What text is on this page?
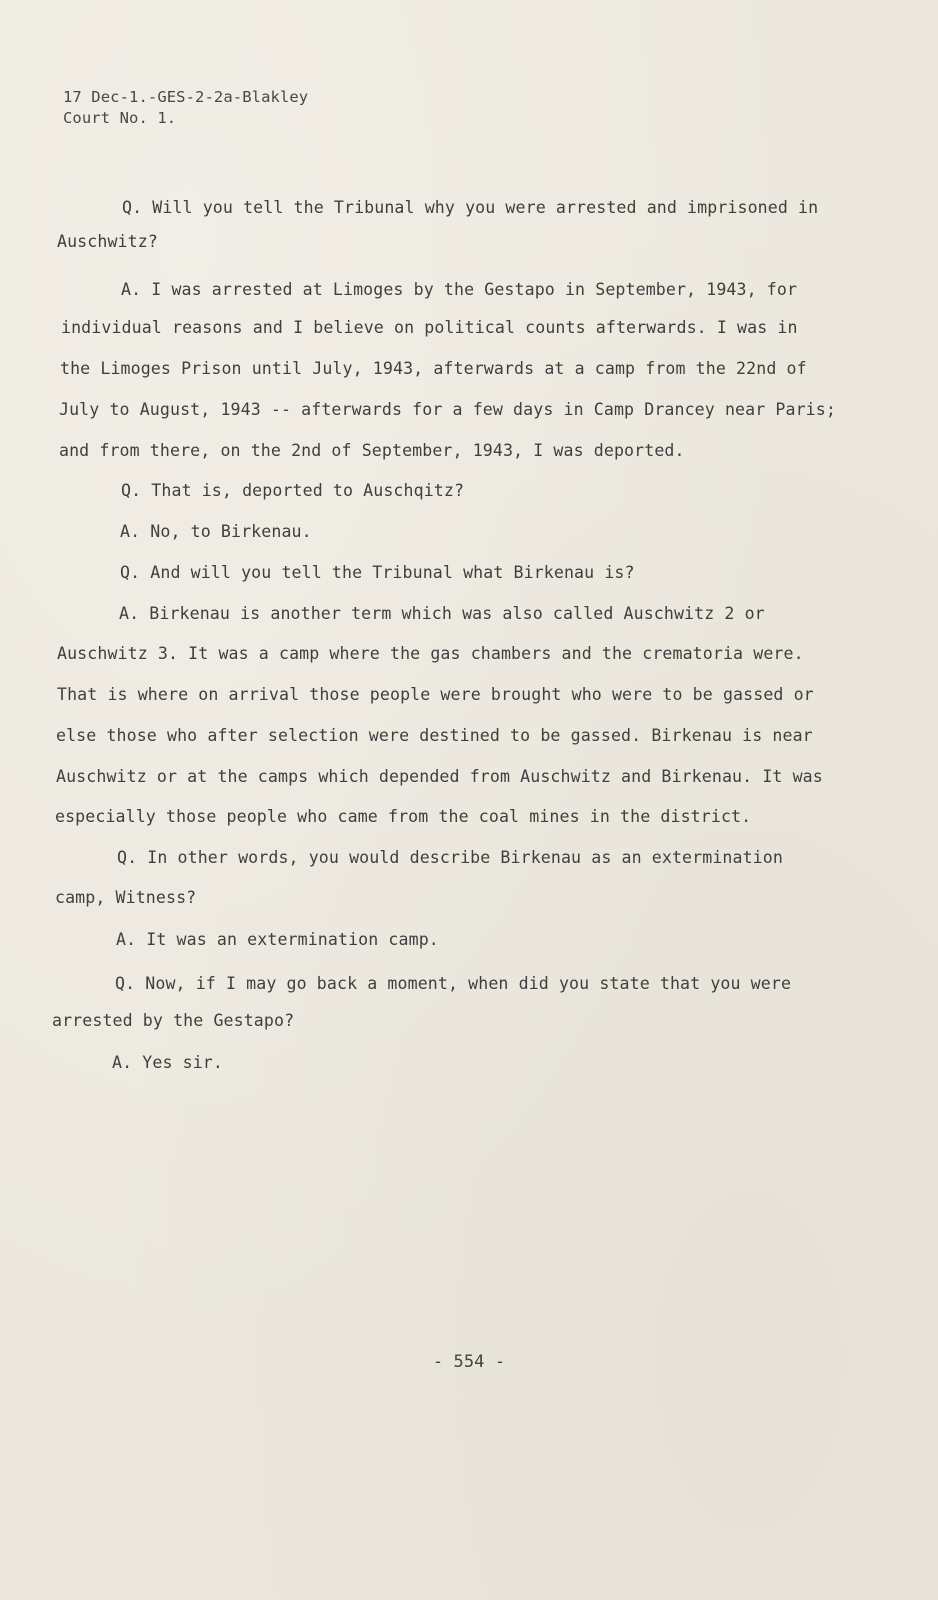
17 Dec-1.-GES-2-2a-Blakley
Court No. 1.
Q. Will you tell the Tribunal why you were arrested and imprisoned in
Auschwitz?
A. I was arrested at Limoges by the Gestapo in September, 1943, for
individual reasons and I believe on political counts afterwards. I was in
the Limoges Prison until July, 1943, afterwards at a camp from the 22nd of
July to August, 1943 -- afterwards for a few days in Camp Drancey near Paris;
and from there, on the 2nd of September, 1943, I was deported.
Q. That is, deported to Auschqitz?
A. No, to Birkenau.
Q. And will you tell the Tribunal what Birkenau is?
A. Birkenau is another term which was also called Auschwitz 2 or
Auschwitz 3. It was a camp where the gas chambers and the crematoria were.
That is where on arrival those people were brought who were to be gassed or
else those who after selection were destined to be gassed. Birkenau is near
Auschwitz or at the camps which depended from Auschwitz and Birkenau. It was
especially those people who came from the coal mines in the district.
Q. In other words, you would describe Birkenau as an extermination
camp, Witness?
A. It was an extermination camp.
Q. Now, if I may go back a moment, when did you state that you were
arrested by the Gestapo?
A. Yes sir.
- 554 -
